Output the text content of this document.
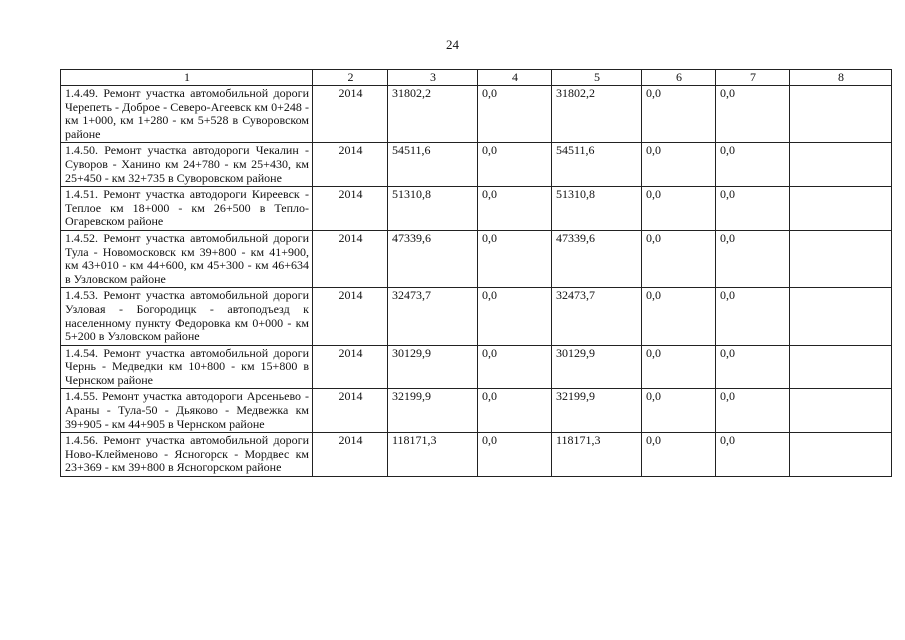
24
1	2	3	4	5	6	7	8
1.4.49. Ремонт участка автомобильной дороги Черепеть - Доброе - Северо-Агеевск км 0+248 - км 1+000, км 1+280 - км 5+528 в Суворовском районе	2014	31802,2	0,0	31802,2	0,0	0,0	
1.4.50. Ремонт участка автодороги Чекалин - Суворов - Ханино км 24+780 - км 25+430, км 25+450 - км 32+735 в Суворовском районе	2014	54511,6	0,0	54511,6	0,0	0,0	
1.4.51. Ремонт участка автодороги Киреевск - Теплое км 18+000 - км 26+500 в Тепло-Огаревском районе	2014	51310,8	0,0	51310,8	0,0	0,0	
1.4.52. Ремонт участка автомобильной дороги Тула - Новомосковск км 39+800 - км 41+900, км 43+010 - км 44+600, км 45+300 - км 46+634 в Узловском районе	2014	47339,6	0,0	47339,6	0,0	0,0	
1.4.53. Ремонт участка автомобильной дороги Узловая - Богородицк - автоподъезд к населенному пункту Федоровка км 0+000 - км 5+200 в Узловском районе	2014	32473,7	0,0	32473,7	0,0	0,0	
1.4.54. Ремонт участка автомобильной дороги Чернь - Медведки км 10+800 - км 15+800 в Чернском районе	2014	30129,9	0,0	30129,9	0,0	0,0	
1.4.55. Ремонт участка автодороги Арсеньево - Араны - Тула-50 - Дьяково - Медвежка км 39+905 - км 44+905 в Чернском районе	2014	32199,9	0,0	32199,9	0,0	0,0	
1.4.56. Ремонт участка автомобильной дороги Ново-Клейменово - Ясногорск - Мордвес км 23+369 - км 39+800 в Ясногорском районе	2014	118171,3	0,0	118171,3	0,0	0,0	
